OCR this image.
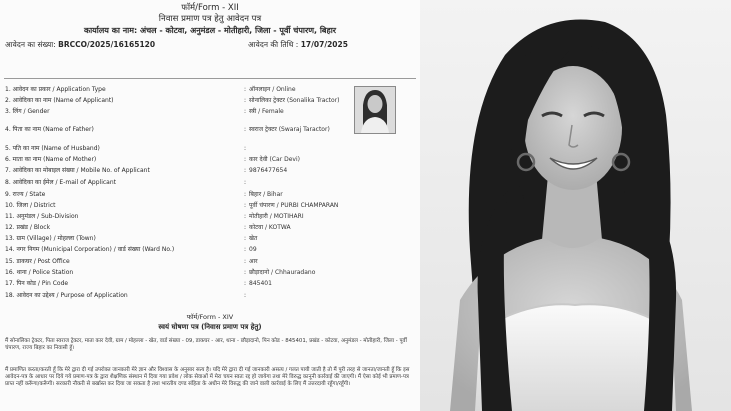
फॉर्म/Form - XII
निवास प्रमाण पत्र हेतु आवेदन पत्र
कार्यालय का नाम: अंचल - कोटवा, अनुमंडल - मोतीहारी, जिला - पूर्वी चंपारण, बिहार
आवेदन का संख्या: BRCCO/2025/16165120	आवेदन की तिथि : 17/07/2025
1. आवेदन का प्रकार / Application Type	: ऑनलाइन / Online
2. आवेदिका का नाम (Name of Applicant)	: सोनालिका ट्रेक्टर (Sonalika Tractor)
3. लिंग / Gender	: स्त्री / Female
4. पिता का नाम (Name of Father)	: स्वराज ट्रेक्टर (Swaraj Taractor)
5. पति का नाम (Name of Husband)	:
6. माता का नाम (Name of Mother)	: कार देवी (Car Devi)
7. आवेदिका का मोबाइल संख्या / Mobile No. of Applicant	: 9876477654
8. आवेदिका का ईमेल / E-mail of Applicant	:
9. राज्य / State	: बिहार / Bihar
10. जिला / District	: पूर्वी चंपारण / PURBI CHAMPARAN
11. अनुमंडल / Sub-Division	: मोतीहारी / MOTIHARI
12. प्रखंड / Block	: कोटवा / KOTWA
13. ग्राम (Village) / मोहल्ला (Town)	: खेत
14. नगर निगम (Municipal Corporation) / वार्ड संख्या (Ward No.)	: 09
15. डाकघर / Post Office	: आर
16. थाना / Police Station	: छौड़ादानो / Chhauradano
17. पिन कोड / Pin Code	: 845401
18. आवेदन का उद्देश्य / Purpose of Application	:
फॉर्म/Form - XIV
स्वयं घोषणा पत्र (निवास प्रमाण पत्र हेतु)
मैं सोनालिका ट्रेक्टर, पिता स्वराज ट्रेक्टर, माता कार देवी, ग्राम / मोहल्ला - खेत, वार्ड संख्या - 09, डाकघर - आर, थाना - छौड़ादानो, पिन कोड - 845401, प्रखंड - कोटवा, अनुमंडल - मोतीहारी, जिला - पूर्वी चंपारण, राज्य बिहार का निवासी हूँ।
मैं प्रमाणित करता/करती हूँ कि मेरे द्वारा दी गई उपरोक्त जानकारी मेरे ज्ञान और विश्वास के अनुसार सत्य है। यदि मेरे द्वारा दी गई जानकारी असत्य / गलत पायी जाती है तो मैं पूरी तरह से जानता/जानती हूँ कि इस आवेदन-पत्र के आधार पर दिये गये प्रमाण-पत्र के द्वारा शैक्षणिक संस्थान में दिया गया प्रवेश / लोक सेवाओं में मेरा चयन स्वतः रद्द हो जायेगा तथा मेरे विरुद्ध कानूनी कार्रवाई की जाएगी। मैं ऐसा कोई भी प्रमाण-पत्र प्राप्त नहीं करूँगा/करूँगी। सरकारी नौकरी से बर्खास्त कर दिया जा सकता है तथा भारतीय दण्ड संहिता के अधीन मेरे विरुद्ध की जाने वाली कार्रवाई के लिए मैं उत्तरदायी रहूँगा/रहूँगी।
